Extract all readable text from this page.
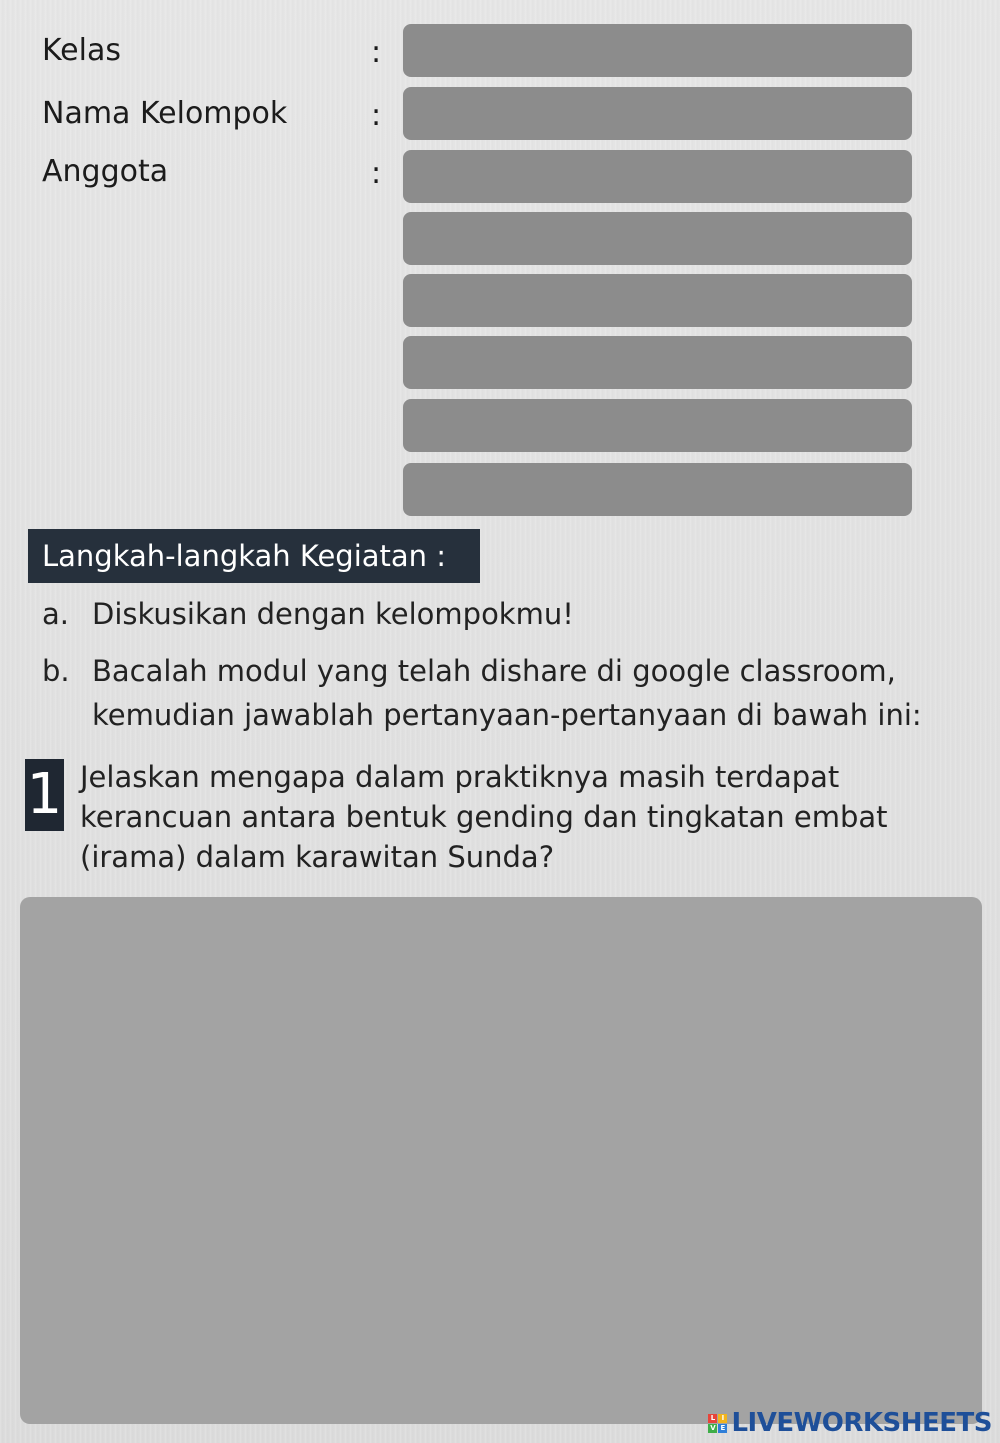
Kelas	:
Nama Kelompok	:
Anggota	:
Langkah-langkah Kegiatan :
a. Diskusikan dengan kelompokmu!
b. Bacalah modul yang telah dishare di google classroom,
kemudian jawablah pertanyaan-pertanyaan di bawah ini:
1 Jelaskan mengapa dalam praktiknya masih terdapat
kerancuan antara bentuk gending dan tingkatan embat
(irama) dalam karawitan Sunda?
L I
V E LIVEWORKSHEETS
